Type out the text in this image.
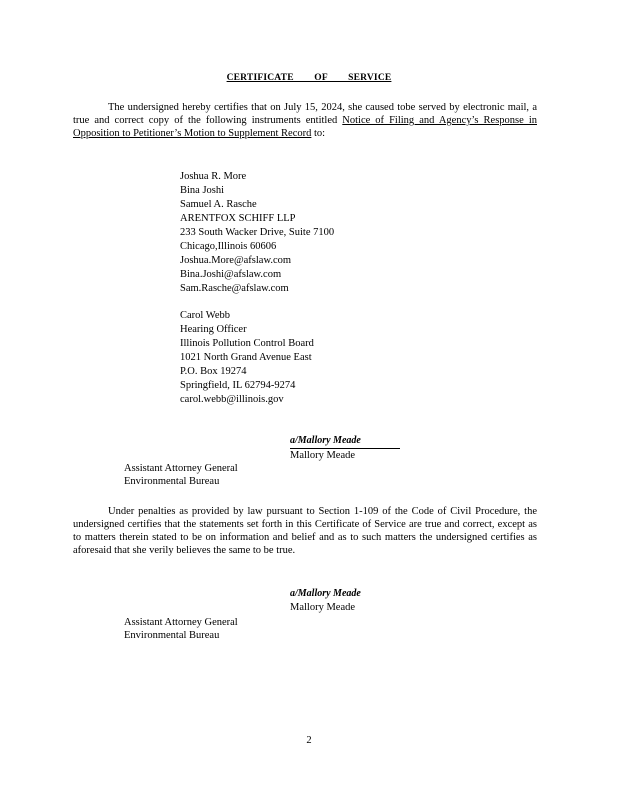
CERTIFICATE OF SERVICE

The undersigned hereby certifies that on July 15, 2024, she caused tobe served by electronic mail, a true and correct copy of the following instruments entitled Notice of Filing and Agency’s Response in Opposition to Petitioner’s Motion to Supplement Record to:

Joshua R. More
Bina Joshi
Samuel A. Rasche
ARENTFOX SCHIFF LLP
233 South Wacker Drive, Suite 7100
Chicago,Illinois 60606
Joshua.More@afslaw.com
Bina.Joshi@afslaw.com
Sam.Rasche@afslaw.com
Carol Webb
Hearing Officer
Illinois Pollution Control Board
1021 North Grand Avenue East
P.O. Box 19274
Springfield, IL 62794-9274
carol.webb@illinois.gov
a/Mallory Meade
Mallory Meade
Assistant Attorney General
Environmental Bureau

Under penalties as provided by law pursuant to Section 1-109 of the Code of Civil Procedure, the undersigned certifies that the statements set forth in this Certificate of Service are true and correct, except as to matters therein stated to be on information and belief and as to such matters the undersigned certifies as aforesaid that she verily believes the same to be true.

a/Mallory Meade
Mallory Meade
Assistant Attorney General
Environmental Bureau
2
